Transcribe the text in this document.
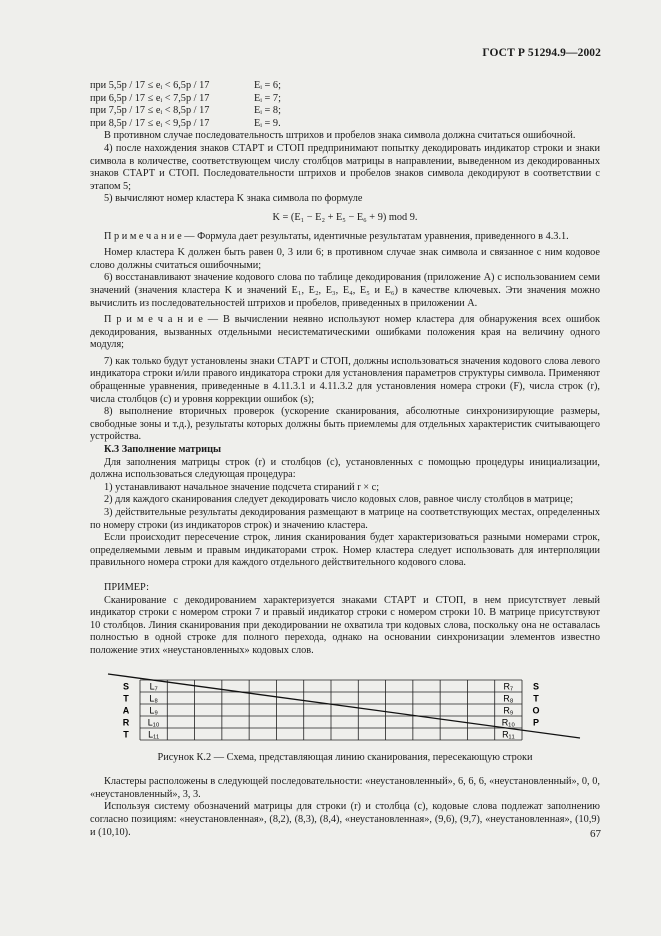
ГОСТ Р 51294.9—2002
при 5,5p / 17 ≤ eᵢ < 6,5p / 17	Eᵢ = 6;
при 6,5p / 17 ≤ eᵢ < 7,5p / 17	Eᵢ = 7;
при 7,5p / 17 ≤ eᵢ < 8,5p / 17	Eᵢ = 8;
при 8,5p / 17 ≤ eᵢ < 9,5p / 17	Eᵢ = 9.

В противном случае последовательность штрихов и пробелов знака символа должна считаться ошибочной.

4) после нахождения знаков СТАРТ и СТОП предпринимают попытку декодировать индикатор строки и знаки символа в количестве, соответствующем числу столбцов матрицы в направлении, выведенном из декодированных знаков СТАРТ и СТОП. Последовательности штрихов и пробелов знаков символа декодируют в соответствии с этапом 5;

5) вычисляют номер кластера K знака символа по формуле

K = (E₁ − E₂ + E₅ − E₆ + 9) mod 9.

П р и м е ч а н и е — Формула дает результаты, идентичные результатам уравнения, приведенного в 4.3.1.

Номер кластера K должен быть равен 0, 3 или 6; в противном случае знак символа и связанное с ним кодовое слово должны считаться ошибочными;

6) восстанавливают значение кодового слова по таблице декодирования (приложение А) с использованием семи значений (значения кластера K и значений E₁, E₂, E₃, E₄, E₅ и E₆) в качестве ключевых. Эти значения можно вычислить из последовательностей штрихов и пробелов, приведенных в приложении А.

П р и м е ч а н и е — В вычислении неявно используют номер кластера для обнаружения всех ошибок декодирования, вызванных отдельными несистематическими ошибками положения края на величину одного модуля;

7) как только будут установлены знаки СТАРТ и СТОП, должны использоваться значения кодового слова левого индикатора строки и/или правого индикатора строки для установления параметров структуры символа. Применяют обращенные уравнения, приведенные в 4.11.3.1 и 4.11.3.2 для установления номера строки (F), числа строк (r), числа столбцов (c) и уровня коррекции ошибок (s);

8) выполнение вторичных проверок (ускорение сканирования, абсолютные синхронизирующие размеры, свободные зоны и т.д.), результаты которых должны быть приемлемы для отдельных характеристик считывающего устройства.

К.3 Заполнение матрицы

Для заполнения матрицы строк (r) и столбцов (c), установленных с помощью процедуры инициализации, должна использоваться следующая процедура:

1) устанавливают начальное значение подсчета стираний r × c;

2) для каждого сканирования следует декодировать число кодовых слов, равное числу столбцов в матрице;

3) действительные результаты декодирования размещают в матрице на соответствующих местах, определенных по номеру строки (из индикаторов строк) и значению кластера.

Если происходит пересечение строк, линия сканирования будет характеризоваться разными номерами строк, определяемыми левым и правым индикаторами строк. Номер кластера следует использовать для интерполяции правильного номера строки для каждого отдельного действительного кодового слова.

ПРИМЕР:

Сканирование с декодированием характеризуется знаками СТАРТ и СТОП, в нем присутствует левый индикатор строки с номером строки 7 и правый индикатор строки с номером строки 10. В матрице присутствуют 10 столбцов. Линия сканирования при декодировании не охватила три кодовых слова, поскольку она не оставалась полностью в одной строке для полного перехода, однако на основании синхронизации элементов известно положение этих «неустановленных» кодовых слов.

S L₇	R₇ S
T L₈	R₈ T
A L₉	R₉ O
R L₁₀	R₁₀ P
T L₁₁	R₁₁
Рисунок К.2 — Схема, представляющая линию сканирования, пересекающую строки

Кластеры расположены в следующей последовательности: «неустановленный», 6, 6, 6, «неустановленный», 0, 0, «неустановленный», 3, 3.

Используя систему обозначений матрицы для строки (r) и столбца (c), кодовые слова подлежат заполнению согласно позициям: «неустановленная», (8,2), (8,3), (8,4), «неустановленная», (9,6), (9,7), «неустановленная», (10,9) и (10,10).	67
